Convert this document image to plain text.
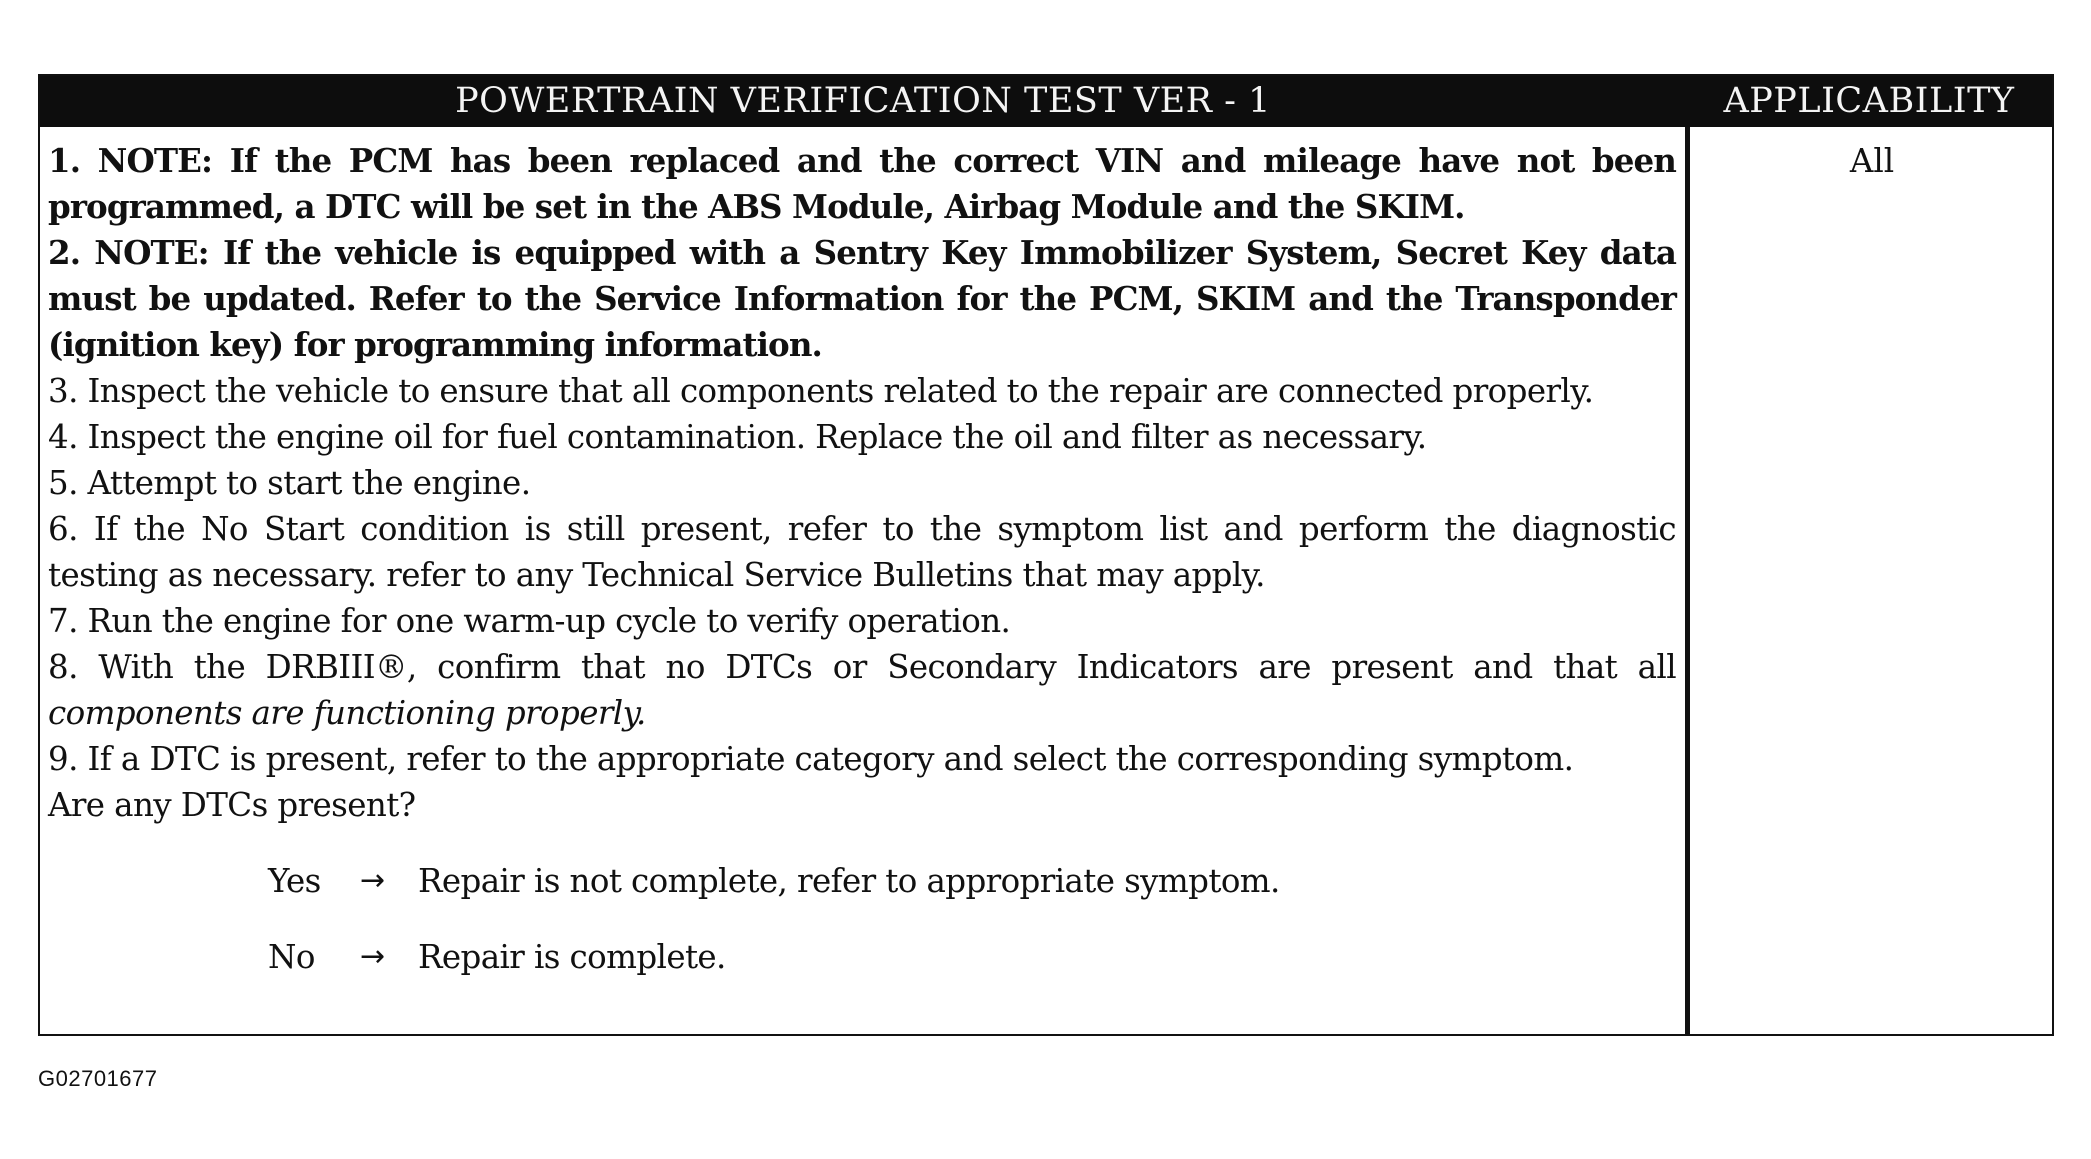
POWERTRAIN VERIFICATION TEST VER - 1	APPLICABILITY

1. NOTE: If the PCM has been replaced and the correct VIN and mileage have not been programmed, a DTC will be set in the ABS Module, Airbag Module and the SKIM.

2. NOTE: If the vehicle is equipped with a Sentry Key Immobilizer System, Secret Key data must be updated. Refer to the Service Information for the PCM, SKIM and the Transponder (ignition key) for programming information.

3. Inspect the vehicle to ensure that all components related to the repair are connected properly.

4. Inspect the engine oil for fuel contamination. Replace the oil and filter as necessary.

5. Attempt to start the engine.

6. If the No Start condition is still present, refer to the symptom list and perform the diagnostic testing as necessary. refer to any Technical Service Bulletins that may apply.

7. Run the engine for one warm-up cycle to verify operation.

8. With the DRBIII®, confirm that no DTCs or Secondary Indicators are present and that all components are functioning properly.

9. If a DTC is present, refer to the appropriate category and select the corresponding symptom.

Are any DTCs present?

Yes	→	Repair is not complete, refer to appropriate symptom.
No	→	Repair is complete.
All
G02701677
